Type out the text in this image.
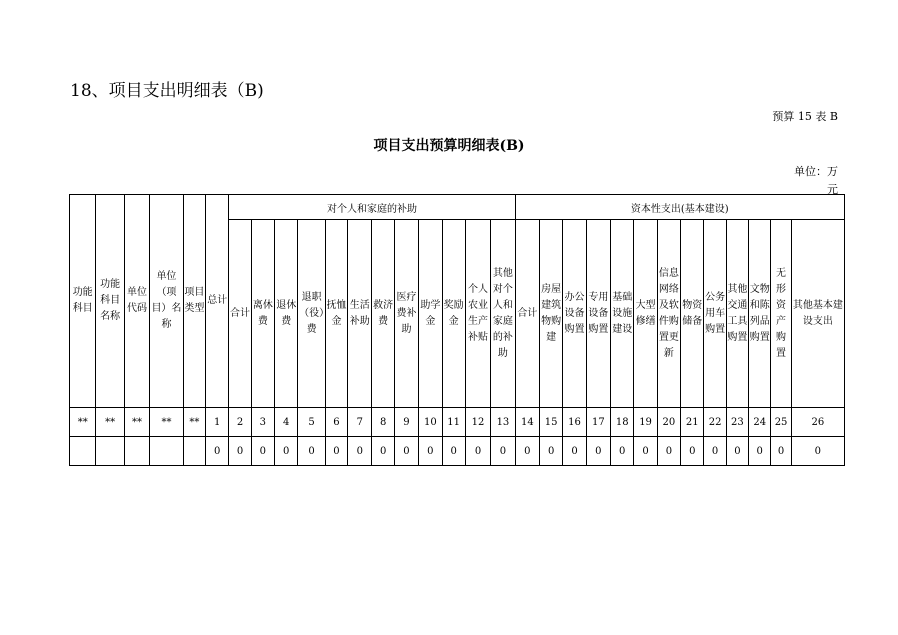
18、项目支出明细表（B)
预算 15 表 B
项目支出预算明细表(B)
单位：万
元
功能科目	功能科目名称	单位代码	单位（项目）名称	项目类型	总计	对个人和家庭的补助												资本性支出(基本建设)												
						合计	离休费	退休费	退职（役）费	抚恤金	生活补助	救济费	医疗费补助	助学金	奖励金	个人农业生产补贴	其他对个人和家庭的补助	合计	房屋建筑物购建	办公设备购置	专用设备购置	基础设施建设	大型修缮	信息网络及软件购置更新	物资储备	公务用车购置	其他交通工具购置	文物和陈列品购置	无形资产购置	其他基本建设支出
**	**	**	**	**	1	2	3	4	5	6	7	8	9	10	11	12	13	14	15	16	17	18	19	20	21	22	23	24	25	26
					0	0	0	0	0	0	0	0	0	0	0	0	0	0	0	0	0	0	0	0	0	0	0	0	0	0
